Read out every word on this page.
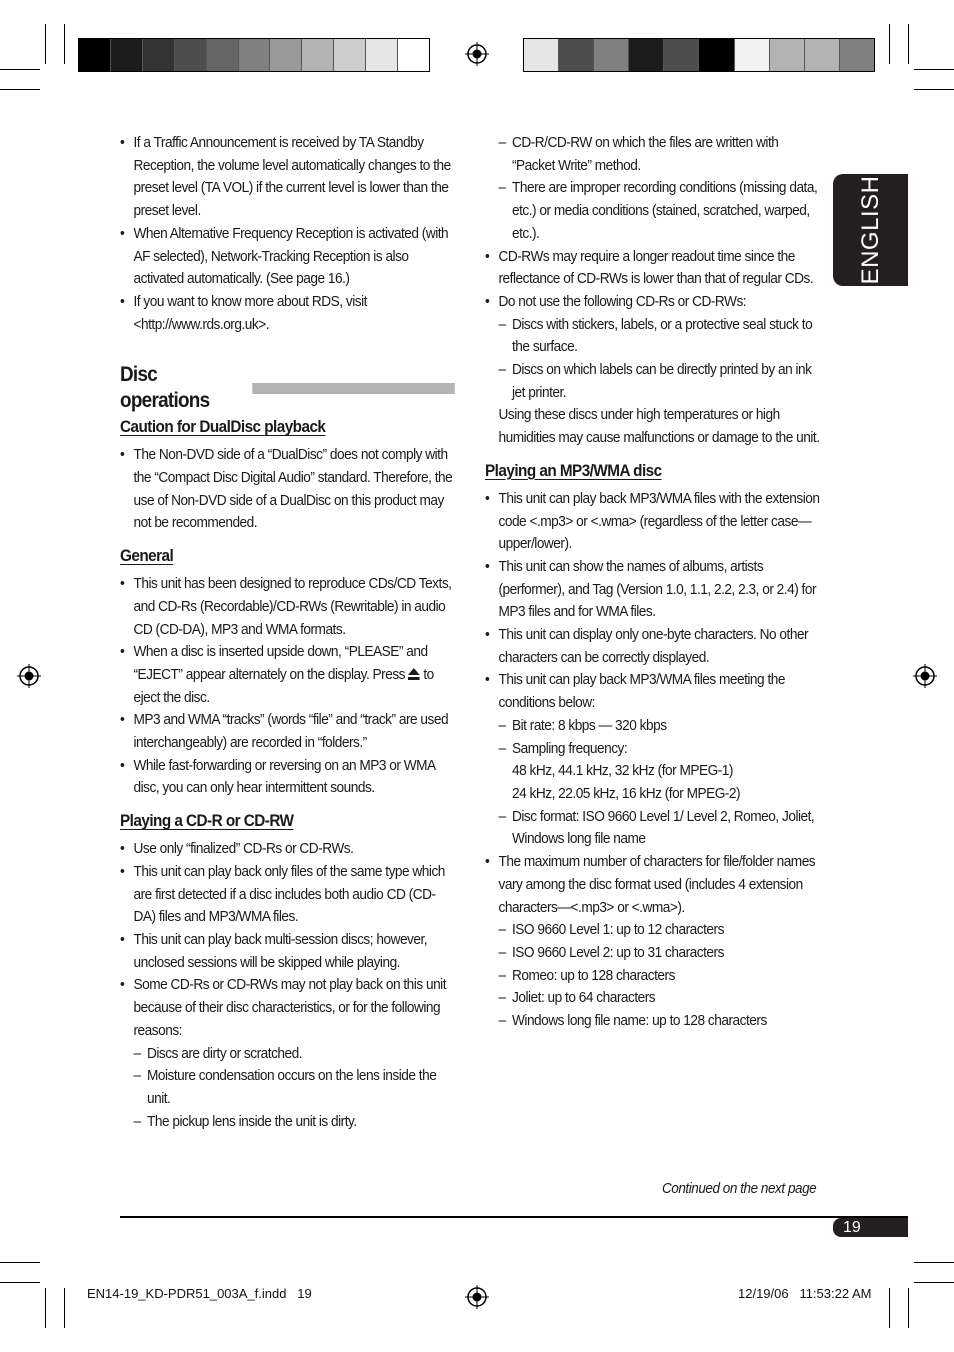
ENGLISH
• If a Traffic Announcement is received by TA Standby Reception, the volume level automatically changes to the preset level (TA VOL) if the current level is lower than the preset level.
• When Alternative Frequency Reception is activated (with AF selected), Network-Tracking Reception is also activated automatically. (See page 16.)
• If you want to know more about RDS, visit <http://www.rds.org.uk>.
Disc operations
Caution for DualDisc playback
• The Non-DVD side of a “DualDisc” does not comply with the “Compact Disc Digital Audio” standard. Therefore, the use of Non-DVD side of a DualDisc on this product may not be recommended.
General
• This unit has been designed to reproduce CDs/CD Texts, and CD-Rs (Recordable)/CD-RWs (Rewritable) in audio CD (CD-DA), MP3 and WMA formats.
• When a disc is inserted upside down, “PLEASE” and “EJECT” appear alternately on the display. Press  to eject the disc.
• MP3 and WMA “tracks” (words “file” and “track” are used interchangeably) are recorded in “folders.”
• While fast-forwarding or reversing on an MP3 or WMA disc, you can only hear intermittent sounds.
Playing a CD-R or CD-RW
• Use only “finalized” CD-Rs or CD-RWs.
• This unit can play back only files of the same type which are first detected if a disc includes both audio CD (CD-DA) files and MP3/WMA files.
• This unit can play back multi-session discs; however, unclosed sessions will be skipped while playing.
• Some CD-Rs or CD-RWs may not play back on this unit because of their disc characteristics, or for the following reasons:
– Discs are dirty or scratched.
– Moisture condensation occurs on the lens inside the unit.
– The pickup lens inside the unit is dirty.
– CD-R/CD-RW on which the files are written with “Packet Write” method.
– There are improper recording conditions (missing data, etc.) or media conditions (stained, scratched, warped, etc.).
• CD-RWs may require a longer readout time since the reflectance of CD-RWs is lower than that of regular CDs.
• Do not use the following CD-Rs or CD-RWs:
– Discs with stickers, labels, or a protective seal stuck to the surface.
– Discs on which labels can be directly printed by an ink jet printer.
Using these discs under high temperatures or high humidities may cause malfunctions or damage to the unit.
Playing an MP3/WMA disc
• This unit can play back MP3/WMA files with the extension code <.mp3> or <.wma> (regardless of the letter case—upper/lower).
• This unit can show the names of albums, artists (performer), and Tag (Version 1.0, 1.1, 2.2, 2.3, or 2.4) for MP3 files and for WMA files.
• This unit can display only one-byte characters. No other characters can be correctly displayed.
• This unit can play back MP3/WMA files meeting the conditions below:
– Bit rate: 8 kbps — 320 kbps
– Sampling frequency:
48 kHz, 44.1 kHz, 32 kHz (for MPEG-1)
24 kHz, 22.05 kHz, 16 kHz (for MPEG-2)
– Disc format: ISO 9660 Level 1/ Level 2, Romeo, Joliet, Windows long file name
• The maximum number of characters for file/folder names vary among the disc format used (includes 4 extension characters—<.mp3> or <.wma>).
– ISO 9660 Level 1: up to 12 characters
– ISO 9660 Level 2: up to 31 characters
– Romeo: up to 128 characters
– Joliet: up to 64 characters
– Windows long file name: up to 128 characters
Continued on the next page
19
EN14-19_KD-PDR51_003A_f.indd   19	12/19/06   11:53:22 AM
